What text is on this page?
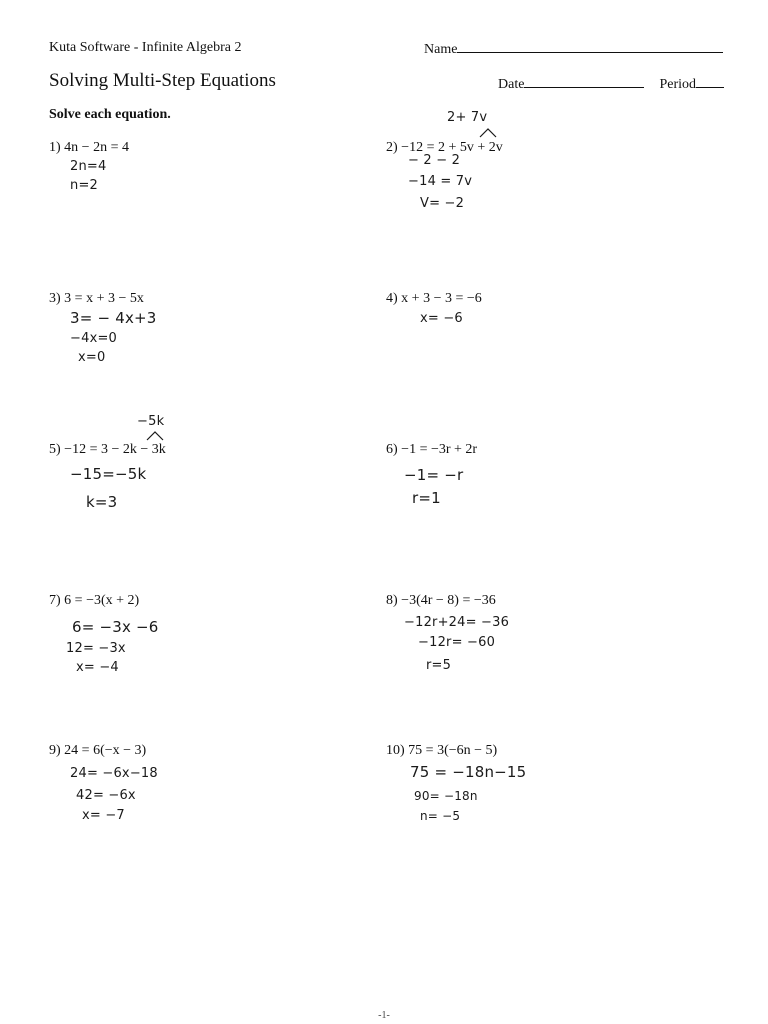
Kuta Software - Infinite Algebra 2	Name
Solving Multi-Step Equations	Date	Period
Solve each equation.
1) 4n − 2n = 4
2n=4
n=2
2+ 7v
2) −12 = 2 + 5v + 2v
− 2 − 2
−14 = 7v
V= −2
3) 3 = x + 3 − 5x
3= − 4x+3
−4x=0
x=0
4) x + 3 − 3 = −6
x= −6
−5k
5) −12 = 3 − 2k − 3k
−15=−5k
k=3
6) −1 = −3r + 2r
−1= −r
r=1
7) 6 = −3(x + 2)
6= −3x −6
12= −3x
x= −4
8) −3(4r − 8) = −36
−12r+24= −36
−12r= −60
r=5
9) 24 = 6(−x − 3)
24= −6x−18
42= −6x
x= −7
10) 75 = 3(−6n − 5)
75 = −18n−15
90= −18n
n= −5
-1-
